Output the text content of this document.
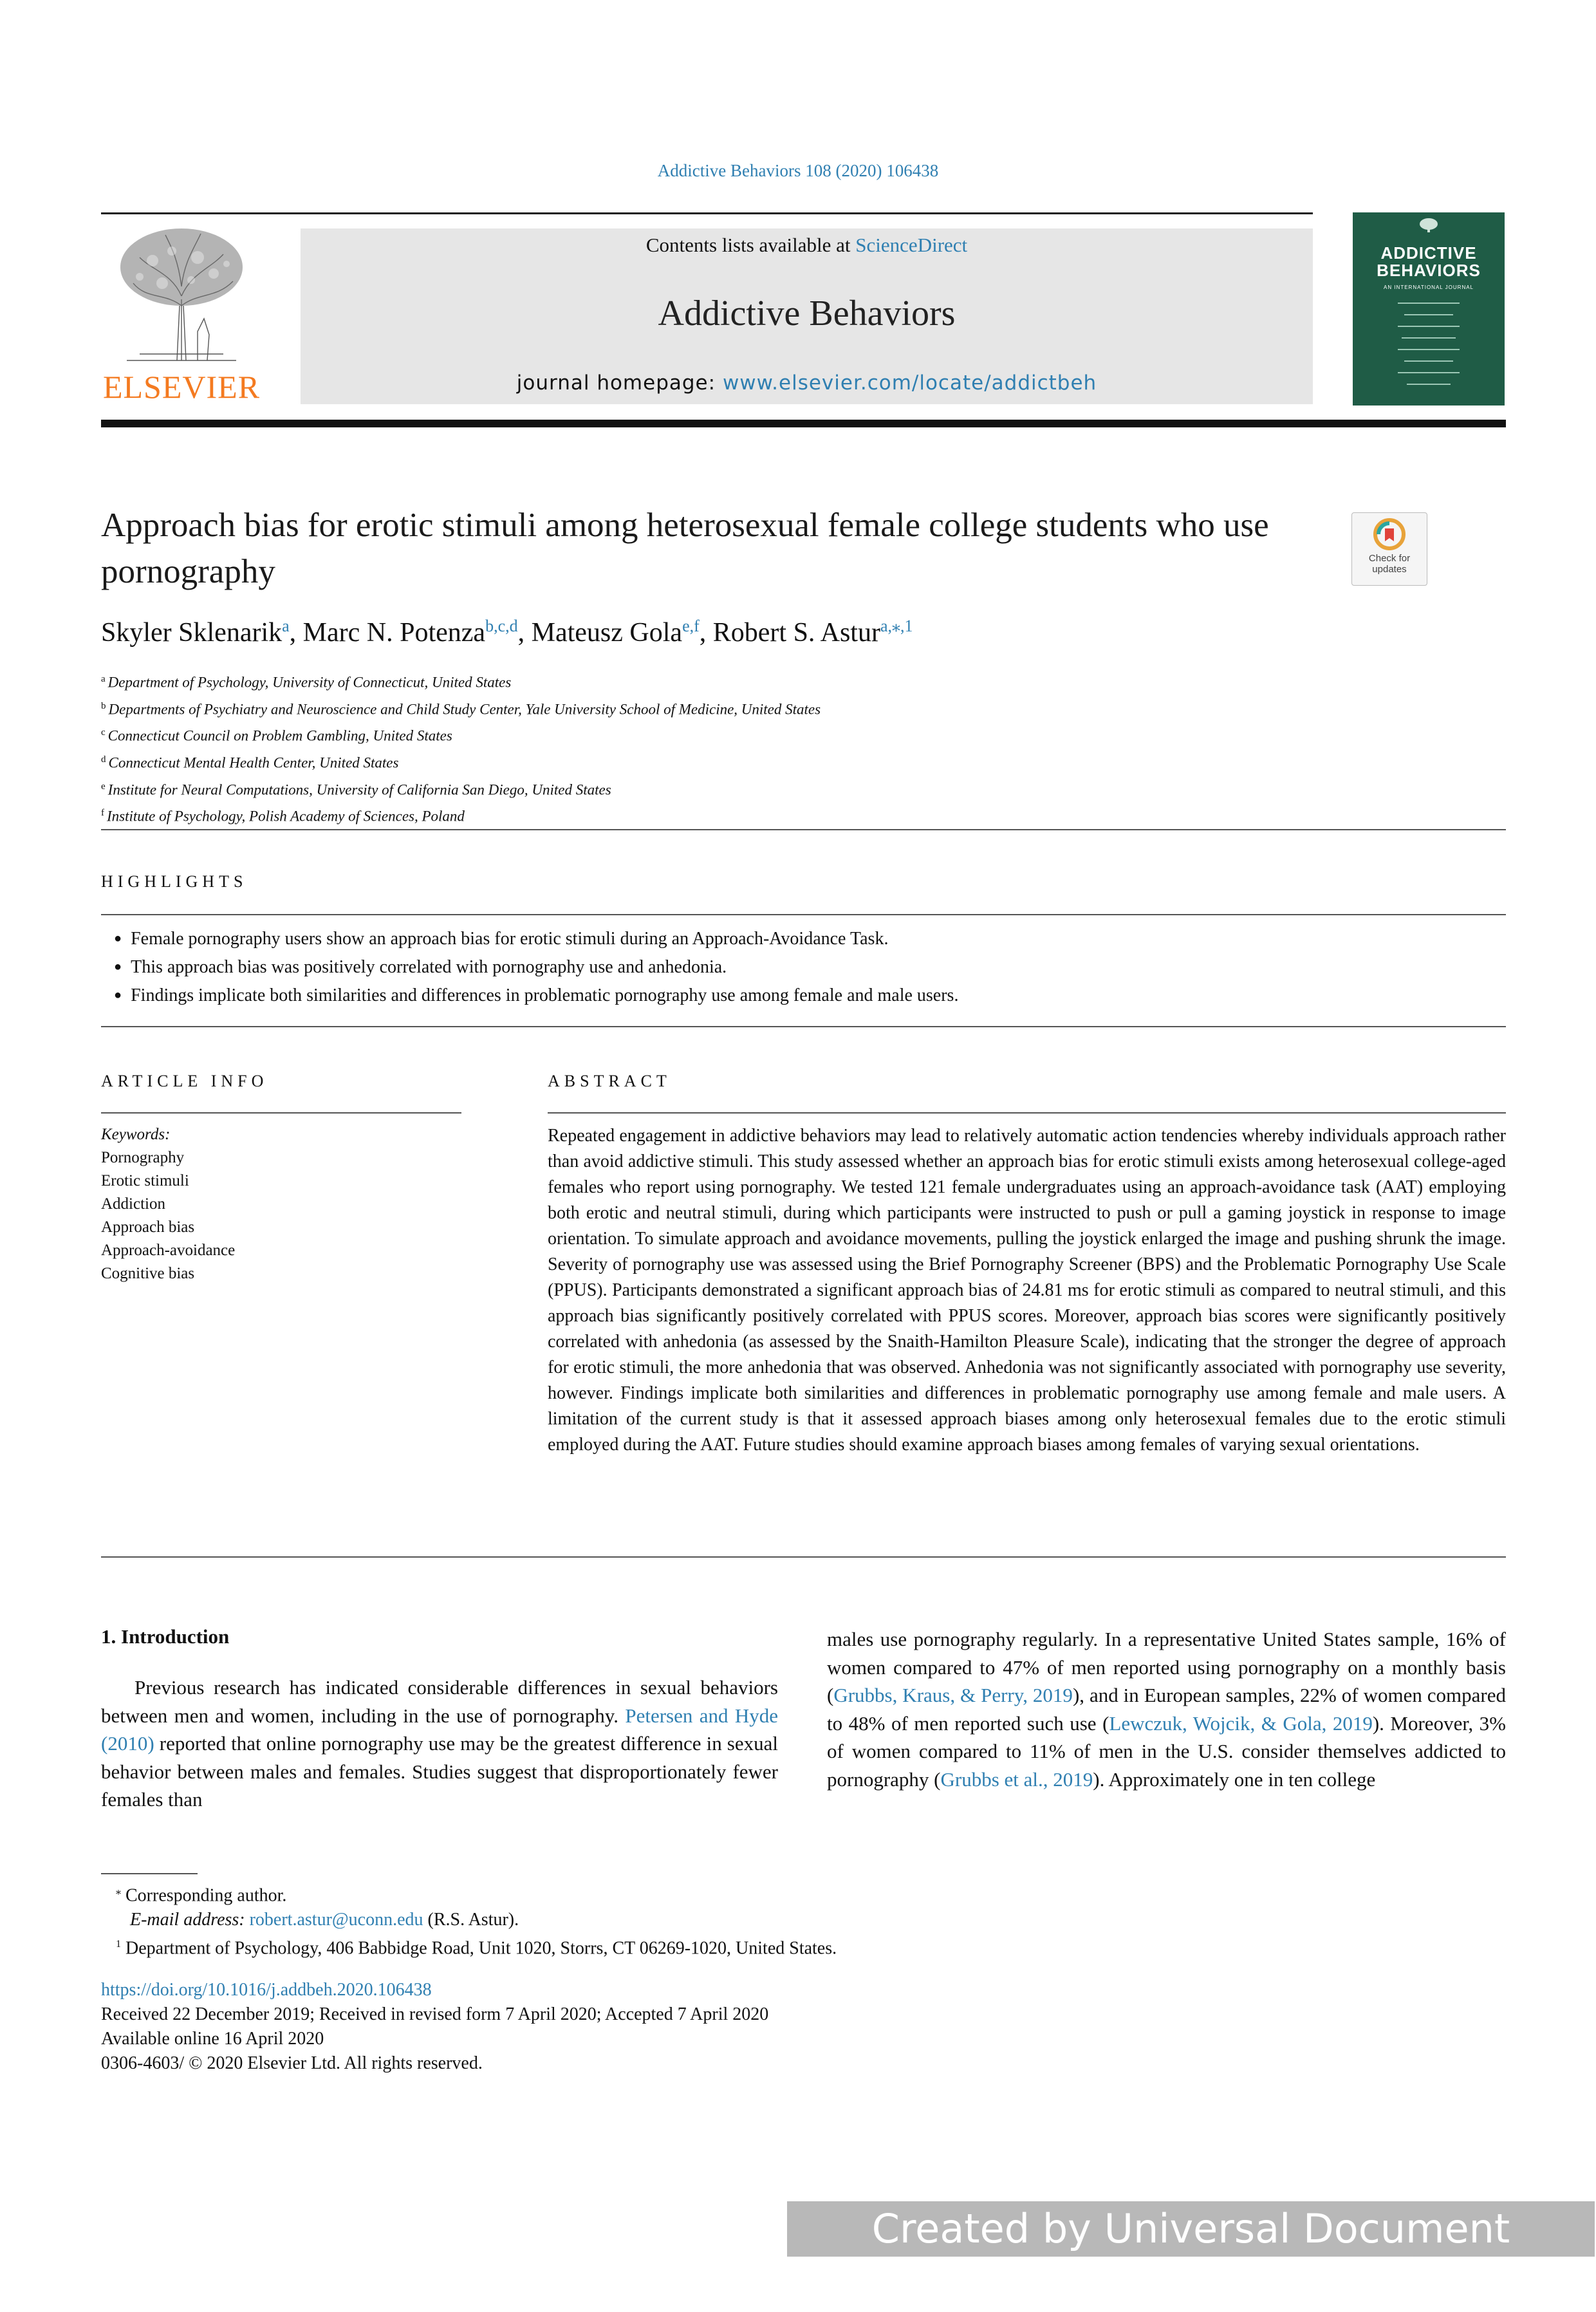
Addictive Behaviors 108 (2020) 106438
ELSEVIER
Contents lists available at ScienceDirect
Addictive Behaviors
journal homepage: www.elsevier.com/locate/addictbeh
ADDICTIVE
BEHAVIORS
AN INTERNATIONAL JOURNAL
Approach bias for erotic stimuli among heterosexual female college students who use pornography	Check for
updates
Skyler Sklenarik$^a$, Marc N. Potenza$^{b,c,d}$, Mateusz Gola$^{e,f}$, Robert S. Astur$^{a,⁎,1}$
$^a$ Department of Psychology, University of Connecticut, United States
$^b$ Departments of Psychiatry and Neuroscience and Child Study Center, Yale University School of Medicine, United States
$^c$ Connecticut Council on Problem Gambling, United States
$^d$ Connecticut Mental Health Center, United States
$^e$ Institute for Neural Computations, University of California San Diego, United States
$^f$ Institute of Psychology, Polish Academy of Sciences, Poland
HIGHLIGHTS
● Female pornography users show an approach bias for erotic stimuli during an Approach-Avoidance Task.
● This approach bias was positively correlated with pornography use and anhedonia.
● Findings implicate both similarities and differences in problematic pornography use among female and male users.
ARTICLE INFO	ABSTRACT
Keywords:
Pornography
Erotic stimuli
Addiction
Approach bias
Approach-avoidance
Cognitive bias

Repeated engagement in addictive behaviors may lead to relatively automatic action tendencies whereby individuals approach rather than avoid addictive stimuli. This study assessed whether an approach bias for erotic stimuli exists among heterosexual college-aged females who report using pornography. We tested 121 female undergraduates using an approach-avoidance task (AAT) employing both erotic and neutral stimuli, during which participants were instructed to push or pull a gaming joystick in response to image orientation. To simulate approach and avoidance movements, pulling the joystick enlarged the image and pushing shrunk the image. Severity of pornography use was assessed using the Brief Pornography Screener (BPS) and the Problematic Pornography Use Scale (PPUS). Participants demonstrated a significant approach bias of 24.81 ms for erotic stimuli as compared to neutral stimuli, and this approach bias significantly positively correlated with PPUS scores. Moreover, approach bias scores were significantly positively correlated with anhedonia (as assessed by the Snaith-Hamilton Pleasure Scale), indicating that the stronger the degree of approach for erotic stimuli, the more anhedonia that was observed. Anhedonia was not significantly associated with pornography use severity, however. Findings implicate both similarities and differences in problematic pornography use among female and male users. A limitation of the current study is that it assessed approach biases among only heterosexual females due to the erotic stimuli employed during the AAT. Future studies should examine approach biases among females of varying sexual orientations.

1. Introduction

Previous research has indicated considerable differences in sexual behaviors between men and women, including in the use of pornography. Petersen and Hyde (2010) reported that online pornography use may be the greatest difference in sexual behavior between males and females. Studies suggest that disproportionately fewer females than

males use pornography regularly. In a representative United States sample, 16% of women compared to 47% of men reported using pornography on a monthly basis (Grubbs, Kraus, & Perry, 2019), and in European samples, 22% of women compared to 48% of men reported such use (Lewczuk, Wojcik, & Gola, 2019). Moreover, 3% of women compared to 11% of men in the U.S. consider themselves addicted to pornography (Grubbs et al., 2019). Approximately one in ten college

⁎ Corresponding author.
E-mail address: robert.astur@uconn.edu (R.S. Astur).
$^1$ Department of Psychology, 406 Babbidge Road, Unit 1020, Storrs, CT 06269-1020, United States.
https://doi.org/10.1016/j.addbeh.2020.106438
Received 22 December 2019; Received in revised form 7 April 2020; Accepted 7 April 2020
Available online 16 April 2020
0306-4603/ © 2020 Elsevier Ltd. All rights reserved.
Created by Universal Document Converter
